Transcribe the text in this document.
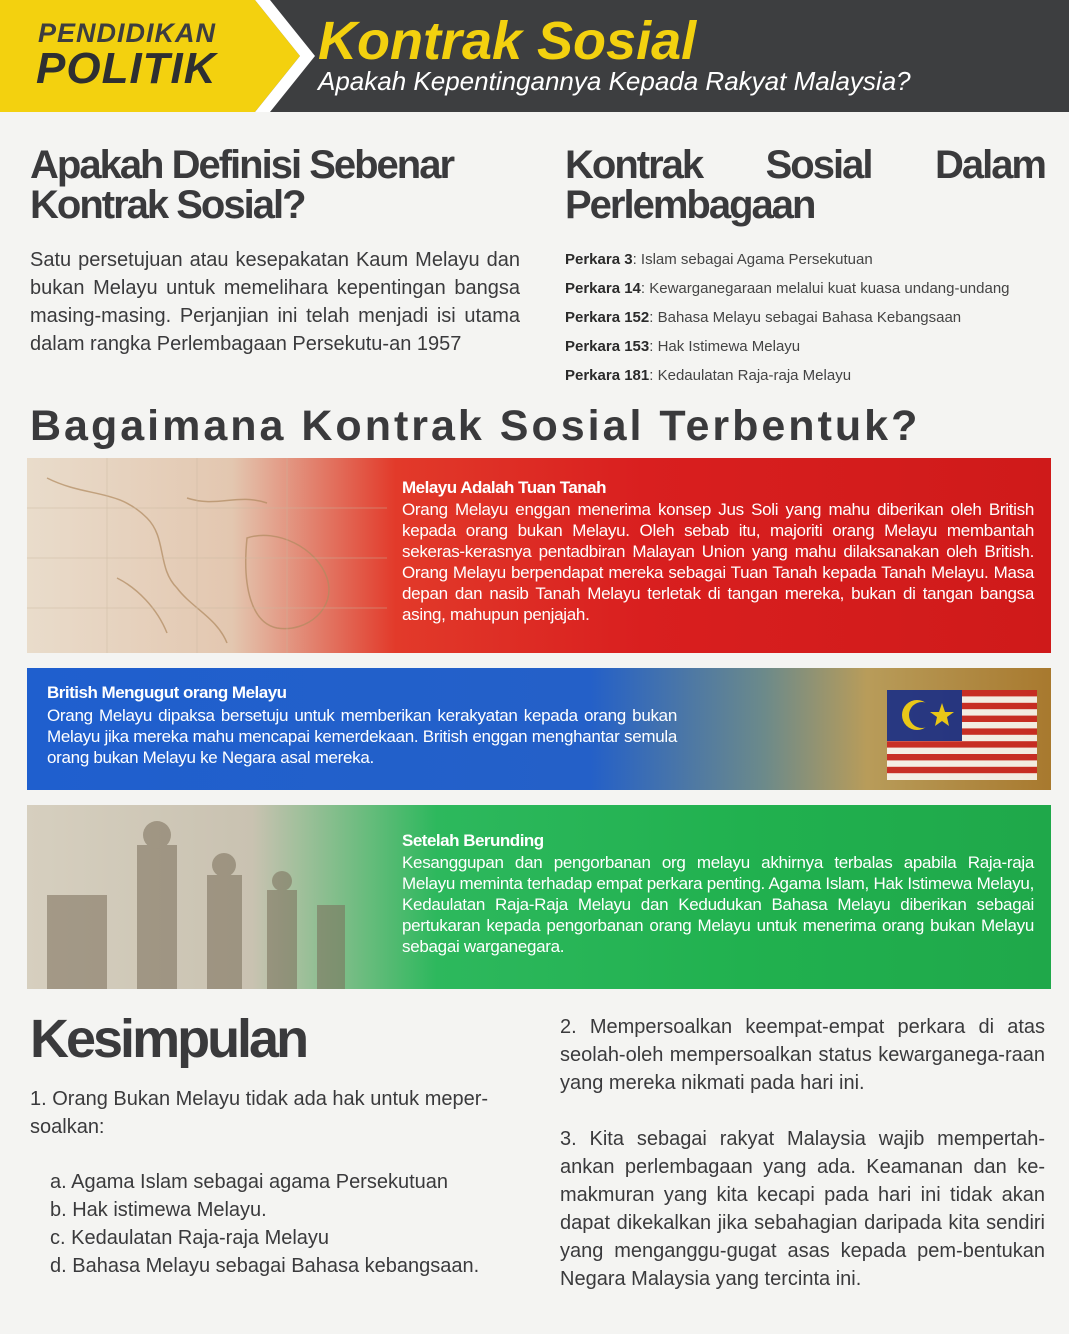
PENDIDIKAN
POLITIK Kontrak Sosial
Apakah Kepentingannya Kepada Rakyat Malaysia?
Apakah Definisi Sebenar Kontrak Sosial?
Satu persetujuan atau kesepakatan Kaum Melayu dan bukan Melayu untuk memelihara kepentingan bangsa masing-masing. Perjanjian ini telah menjadi isi utama dalam rangka Perlembagaan Persekutu-an 1957
Kontrak Sosial Dalam Perlembagaan
Perkara 3: Islam sebagai Agama Persekutuan
Perkara 14: Kewarganegaraan melalui kuat kuasa undang-undang
Perkara 152: Bahasa Melayu sebagai Bahasa Kebangsaan
Perkara 153: Hak Istimewa Melayu
Perkara 181: Kedaulatan Raja-raja Melayu
Bagaimana Kontrak Sosial Terbentuk?
Melayu Adalah Tuan Tanah
Orang Melayu enggan menerima konsep Jus Soli yang mahu diberikan oleh British kepada orang bukan Melayu. Oleh sebab itu, majoriti orang Melayu membantah sekeras-kerasnya pentadbiran Malayan Union yang mahu dilaksanakan oleh British. Orang Melayu berpendapat mereka sebagai Tuan Tanah kepada Tanah Melayu. Masa depan dan nasib Tanah Melayu terletak di tangan mereka, bukan di tangan bangsa asing, mahupun penjajah.
British Mengugut orang Melayu
Orang Melayu dipaksa bersetuju untuk memberikan kerakyatan kepada orang bukan Melayu jika mereka mahu mencapai kemerdekaan. British enggan menghantar semula orang bukan Melayu ke Negara asal mereka.
Setelah Berunding
Kesanggupan dan pengorbanan org melayu akhirnya terbalas apabila Raja-raja Melayu meminta terhadap empat perkara penting. Agama Islam, Hak Istimewa Melayu, Kedaulatan Raja-Raja Melayu dan Kedudukan Bahasa Melayu diberikan sebagai pertukaran kepada pengorbanan orang Melayu untuk menerima orang bukan Melayu sebagai warganegara.
Kesimpulan
1. Orang Bukan Melayu tidak ada hak untuk meper-soalkan:
a. Agama Islam sebagai agama Persekutuan
b. Hak istimewa Melayu.
c. Kedaulatan Raja-raja Melayu
d. Bahasa Melayu sebagai Bahasa kebangsaan.
2. Mempersoalkan keempat-empat perkara di atas seolah-oleh mempersoalkan status kewarganega-raan yang mereka nikmati pada hari ini.
3. Kita sebagai rakyat Malaysia wajib mempertah-ankan perlembagaan yang ada. Keamanan dan ke-makmuran yang kita kecapi pada hari ini tidak akan dapat dikekalkan jika sebahagian daripada kita sendiri yang menganggu-gugat asas kepada pem-bentukan Negara Malaysia yang tercinta ini.
